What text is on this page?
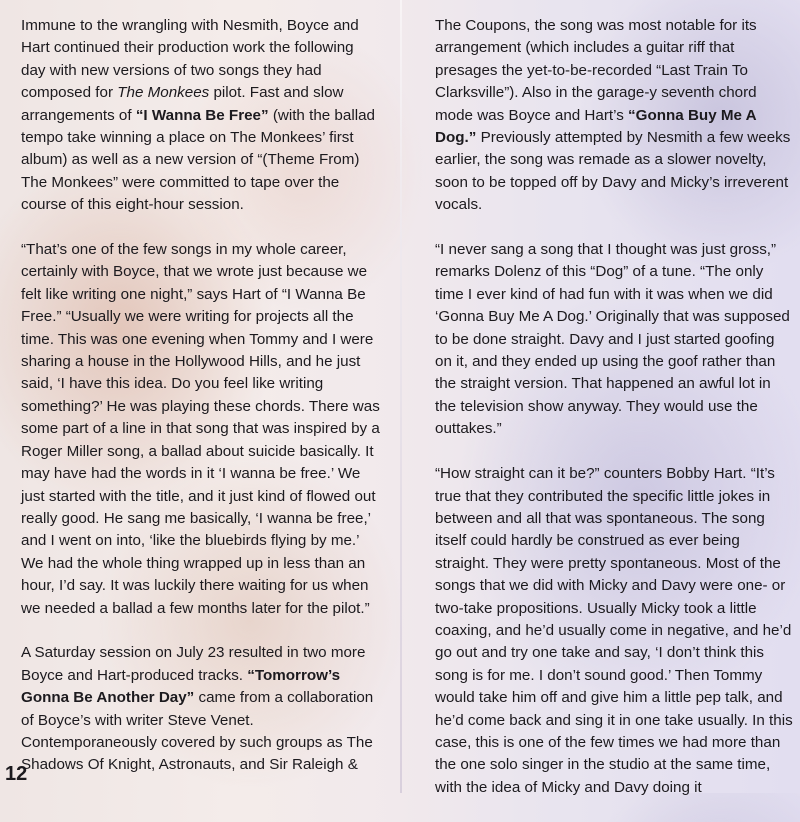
Immune to the wrangling with Nesmith, Boyce and Hart continued their production work the following day with new versions of two songs they had composed for The Monkees pilot. Fast and slow arrangements of “I Wanna Be Free” (with the ballad tempo take winning a place on The Monkees’ first album) as well as a new version of “(Theme From) The Monkees” were committed to tape over the course of this eight-hour session.

“That’s one of the few songs in my whole career, certainly with Boyce, that we wrote just because we felt like writing one night,” says Hart of “I Wanna Be Free.” “Usually we were writing for projects all the time. This was one evening when Tommy and I were sharing a house in the Hollywood Hills, and he just said, ‘I have this idea. Do you feel like writing something?’ He was playing these chords. There was some part of a line in that song that was inspired by a Roger Miller song, a ballad about suicide basically. It may have had the words in it ‘I wanna be free.’ We just started with the title, and it just kind of flowed out really good. He sang me basically, ‘I wanna be free,’ and I went on into, ‘like the bluebirds flying by me.’ We had the whole thing wrapped up in less than an hour, I’d say. It was luckily there waiting for us when we needed a ballad a few months later for the pilot.”

A Saturday session on July 23 resulted in two more Boyce and Hart-produced tracks. “Tomorrow’s Gonna Be Another Day” came from a collaboration of Boyce’s with writer Steve Venet. Contemporaneously covered by such groups as The Shadows Of Knight, Astronauts, and Sir Raleigh &

The Coupons, the song was most notable for its arrangement (which includes a guitar riff that presages the yet-to-be-recorded “Last Train To Clarksville”). Also in the garage-y seventh chord mode was Boyce and Hart’s “Gonna Buy Me A Dog.” Previously attempted by Nesmith a few weeks earlier, the song was remade as a slower novelty, soon to be topped off by Davy and Micky’s irreverent vocals.

“I never sang a song that I thought was just gross,” remarks Dolenz of this “Dog” of a tune. “The only time I ever kind of had fun with it was when we did ‘Gonna Buy Me A Dog.’ Originally that was supposed to be done straight. Davy and I just started goofing on it, and they ended up using the goof rather than the straight version. That happened an awful lot in the television show anyway. They would use the outtakes.”

“How straight can it be?” counters Bobby Hart. “It’s true that they contributed the specific little jokes in between and all that was spontaneous. The song itself could hardly be construed as ever being straight. They were pretty spontaneous. Most of the songs that we did with Micky and Davy were one- or two-take propositions. Usually Micky took a little coaxing, and he’d usually come in negative, and he’d go out and try one take and say, ‘I don’t think this song is for me. I don’t sound good.’ Then Tommy would take him off and give him a little pep talk, and he’d come back and sing it in one take usually. In this case, this is one of the few times we had more than the one solo singer in the studio at the same time, with the idea of Micky and Davy doing it

12
